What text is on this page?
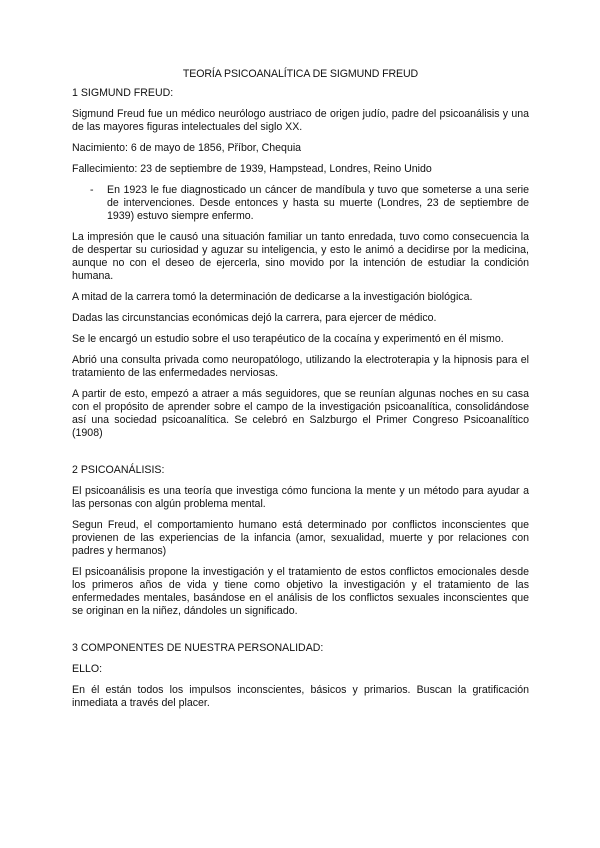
TEORÍA PSICOANALÍTICA DE SIGMUND FREUD
1 SIGMUND FREUD:

Sigmund Freud fue un médico neurólogo austriaco de origen judío, padre del psicoanálisis y una de las mayores figuras intelectuales del siglo XX.

Nacimiento: 6 de mayo de 1856, Příbor, Chequia

Fallecimiento: 23 de septiembre de 1939, Hampstead, Londres, Reino Unido

-	En 1923 le fue diagnosticado un cáncer de mandíbula y tuvo que someterse a una serie de intervenciones. Desde entonces y hasta su muerte (Londres, 23 de septiembre de 1939) estuvo siempre enfermo.

La impresión que le causó una situación familiar un tanto enredada, tuvo como consecuencia la de despertar su curiosidad y aguzar su inteligencia, y esto le animó a decidirse por la medicina, aunque no con el deseo de ejercerla, sino movido por la intención de estudiar la condición humana.

A mitad de la carrera tomó la determinación de dedicarse a la investigación biológica.

Dadas las circunstancias económicas dejó la carrera, para ejercer de médico.

Se le encargó un estudio sobre el uso terapéutico de la cocaína y experimentó en él mismo.

Abrió una consulta privada como neuropatólogo, utilizando la electroterapia y la hipnosis para el tratamiento de las enfermedades nerviosas.

A partir de esto, empezó a atraer a más seguidores, que se reunían algunas noches en su casa con el propósito de aprender sobre el campo de la investigación psicoanalítica, consolidándose así una sociedad psicoanalítica. Se celebró en Salzburgo el Primer Congreso Psicoanalítico (1908)

2 PSICOANÁLISIS:

El psicoanálisis es una teoría que investiga cómo funciona la mente y un método para ayudar a las personas con algún problema mental.

Segun Freud, el comportamiento humano está determinado por conflictos inconscientes que provienen de las experiencias de la infancia (amor, sexualidad, muerte y por relaciones con padres y hermanos)

El psicoanálisis propone la investigación y el tratamiento de estos conflictos emocionales desde los primeros años de vida y tiene como objetivo la investigación y el tratamiento de las enfermedades mentales, basándose en el análisis de los conflictos sexuales inconscientes que se originan en la niñez, dándoles un significado.

3 COMPONENTES DE NUESTRA PERSONALIDAD:
ELLO:

En él están todos los impulsos inconscientes, básicos y primarios. Buscan la gratificación inmediata a través del placer.
